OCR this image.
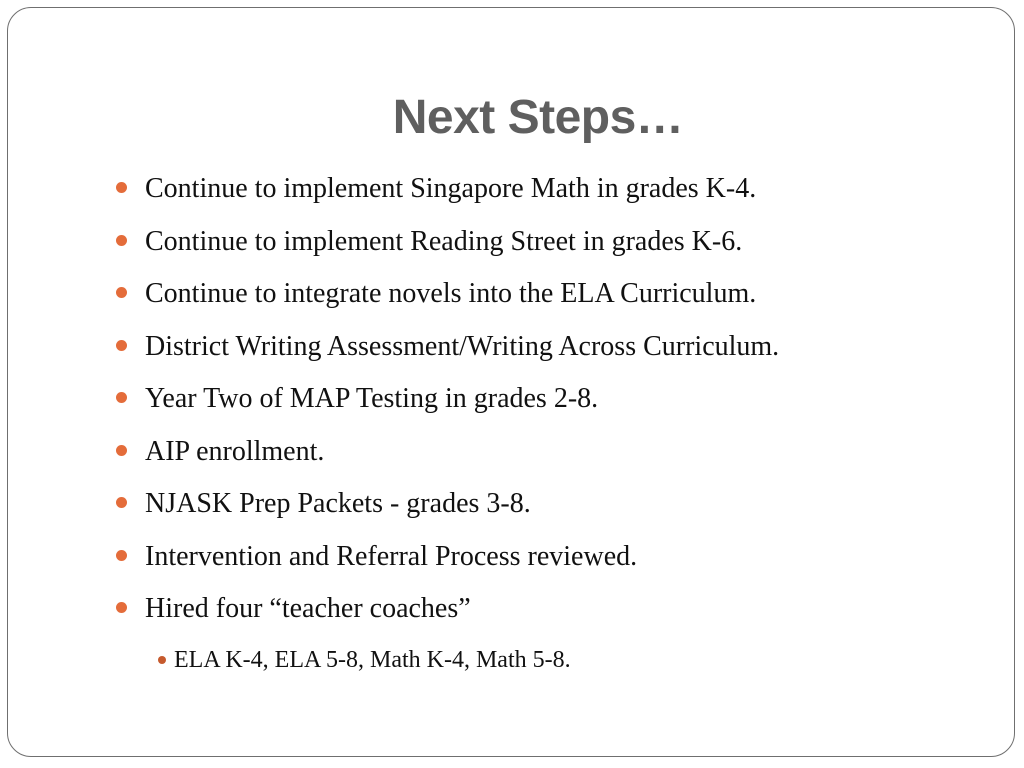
Next Steps…
Continue to implement Singapore Math in grades K-4.
Continue to implement Reading Street in grades K-6.
Continue to integrate novels into the ELA Curriculum.
District Writing Assessment/Writing Across Curriculum.
Year Two of MAP Testing in grades 2-8.
AIP enrollment.
NJASK Prep Packets - grades 3-8.
Intervention and Referral Process reviewed.
Hired four “teacher coaches”
ELA K-4, ELA 5-8, Math K-4, Math 5-8.
